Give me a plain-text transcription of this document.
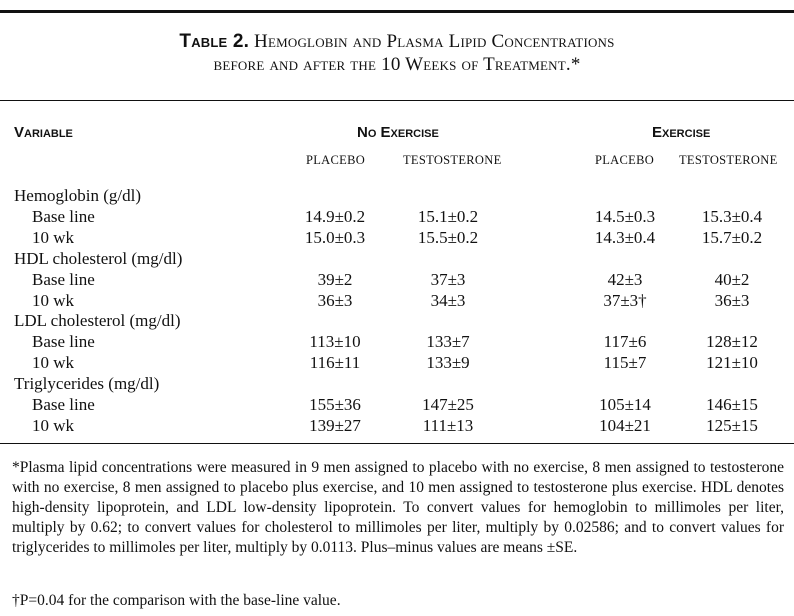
Table 2. Hemoglobin and Plasma Lipid Concentrations
before and after the 10 Weeks of Treatment.*
Variable	No Exercise	Exercise
PLACEBO	TESTOSTERONE	PLACEBO TESTOSTERONE
Hemoglobin (g/dl)
Base line	14.9±0.2	15.1±0.2	14.5±0.3	15.3±0.4
10 wk	15.0±0.3	15.5±0.2	14.3±0.4	15.7±0.2
HDL cholesterol (mg/dl)
Base line	39±2	37±3	42±3	40±2
10 wk	36±3	34±3	37±3†	36±3
LDL cholesterol (mg/dl)
Base line	113±10	133±7	117±6	128±12
10 wk	116±11	133±9	115±7	121±10
Triglycerides (mg/dl)
Base line	155±36	147±25	105±14	146±15
10 wk	139±27	111±13	104±21	125±15
*Plasma lipid concentrations were measured in 9 men assigned to placebo with no exercise, 8 men assigned to testosterone with no exercise, 8 men assigned to placebo plus exercise, and 10 men assigned to testosterone plus exercise. HDL denotes high-density lipoprotein, and LDL low-density lipoprotein. To convert values for hemoglobin to millimoles per liter, multiply by 0.62; to convert values for cholesterol to millimoles per liter, multiply by 0.02586; and to convert values for triglycerides to millimoles per liter, multiply by 0.0113. Plus–minus values are means ±SE.
†P=0.04 for the comparison with the base-line value.
